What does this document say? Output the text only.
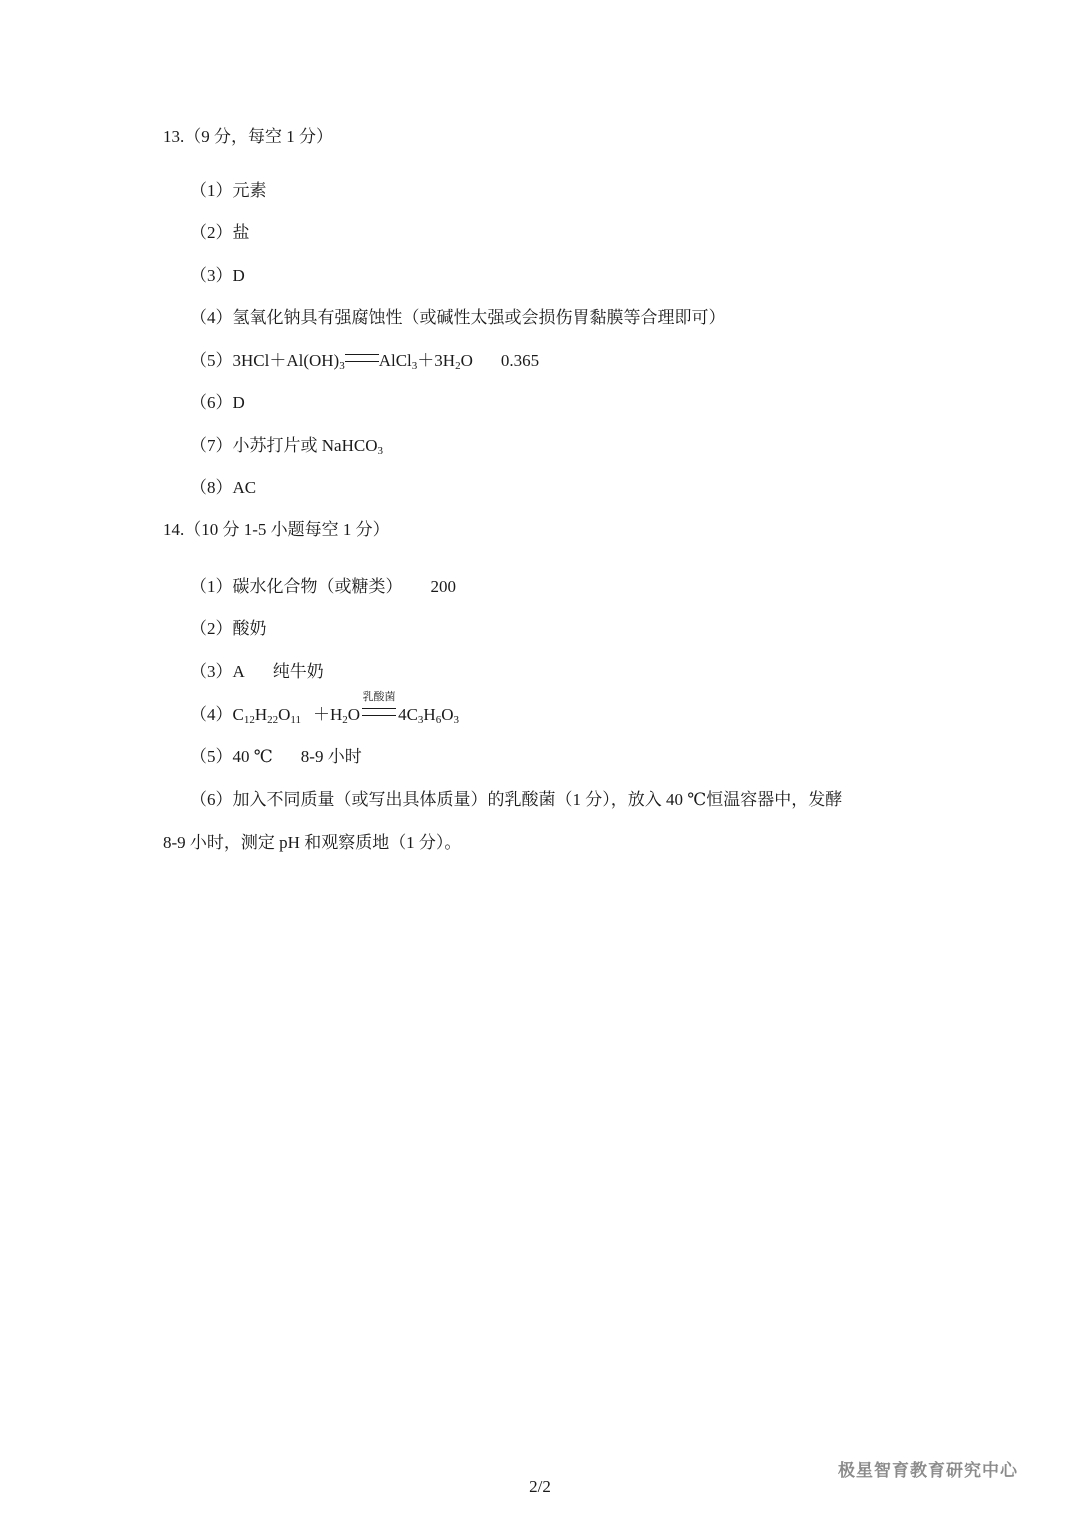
13.（9 分，每空 1 分）
（1）元素
（2）盐
（3）D
（4）氢氧化钠具有强腐蚀性（或碱性太强或会损伤胃黏膜等合理即可）
$(5)3HCl+Al(OH)_3$ $AlCl_3+3H_2O$ 0.365
（6）D
（7）小苏打片或 NaHCO$_3$
（8）AC
14.（10 分 1-5 小题每空 1 分）
（1）碳水化合物（或糖类） 200
（2）酸奶
（3）A 纯牛奶
$(4)C_{12}H_{22}O_{11} +H_2O$
乳酸菌
$4C_3H_6O_3$
（5）40 ℃ 8-9 小时
（6）加入不同质量（或写出具体质量）的乳酸菌（1 分），放入 40 ℃恒温容器中，发酵
8-9 小时，测定 pH 和观察质地（1 分）。
极星智育教育研究中心
2/2
